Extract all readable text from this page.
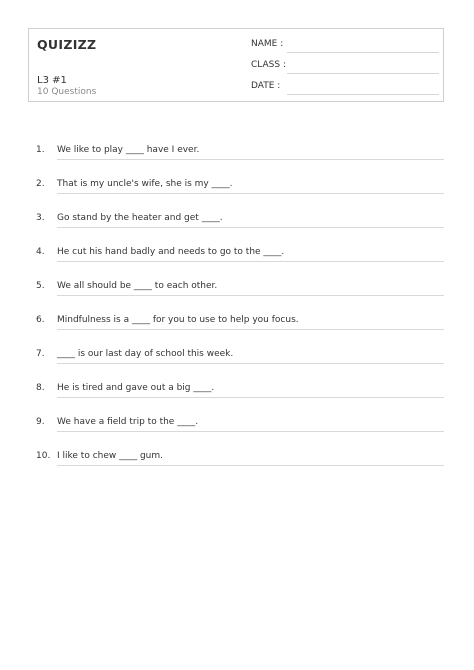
QUIZIZZ
L3 #1
10 Questions
NAME :
CLASS :
DATE :
1. We like to play ____ have I ever.
2. That is my uncle's wife, she is my ____.
3. Go stand by the heater and get ____.
4. He cut his hand badly and needs to go to the ____.
5. We all should be ____ to each other.
6. Mindfulness is a ____ for you to use to help you focus.
7. ____ is our last day of school this week.
8. He is tired and gave out a big ____.
9. We have a field trip to the ____.
10. I like to chew ____ gum.
